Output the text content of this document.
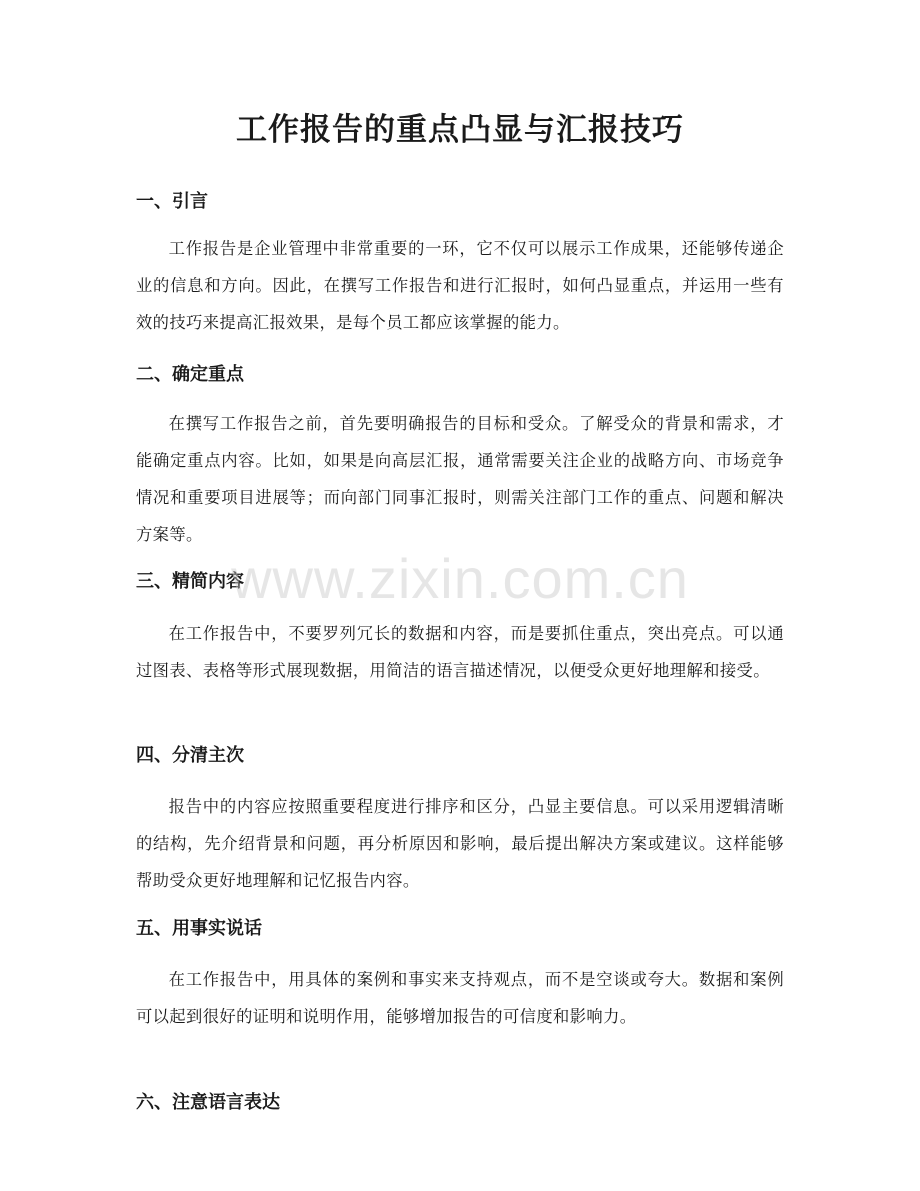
工作报告的重点凸显与汇报技巧
一、引言

工作报告是企业管理中非常重要的一环，它不仅可以展示工作成果，还能够传递企业的信息和方向。因此，在撰写工作报告和进行汇报时，如何凸显重点，并运用一些有效的技巧来提高汇报效果，是每个员工都应该掌握的能力。

二、确定重点

在撰写工作报告之前，首先要明确报告的目标和受众。了解受众的背景和需求，才能确定重点内容。比如，如果是向高层汇报，通常需要关注企业的战略方向、市场竞争情况和重要项目进展等；而向部门同事汇报时，则需关注部门工作的重点、问题和解决方案等。

三、精简内容

在工作报告中，不要罗列冗长的数据和内容，而是要抓住重点，突出亮点。可以通过图表、表格等形式展现数据，用简洁的语言描述情况，以便受众更好地理解和接受。

四、分清主次

报告中的内容应按照重要程度进行排序和区分，凸显主要信息。可以采用逻辑清晰的结构，先介绍背景和问题，再分析原因和影响，最后提出解决方案或建议。这样能够帮助受众更好地理解和记忆报告内容。

五、用事实说话

在工作报告中，用具体的案例和事实来支持观点，而不是空谈或夸大。数据和案例可以起到很好的证明和说明作用，能够增加报告的可信度和影响力。

六、注意语言表达
www.zixin.com.cn
